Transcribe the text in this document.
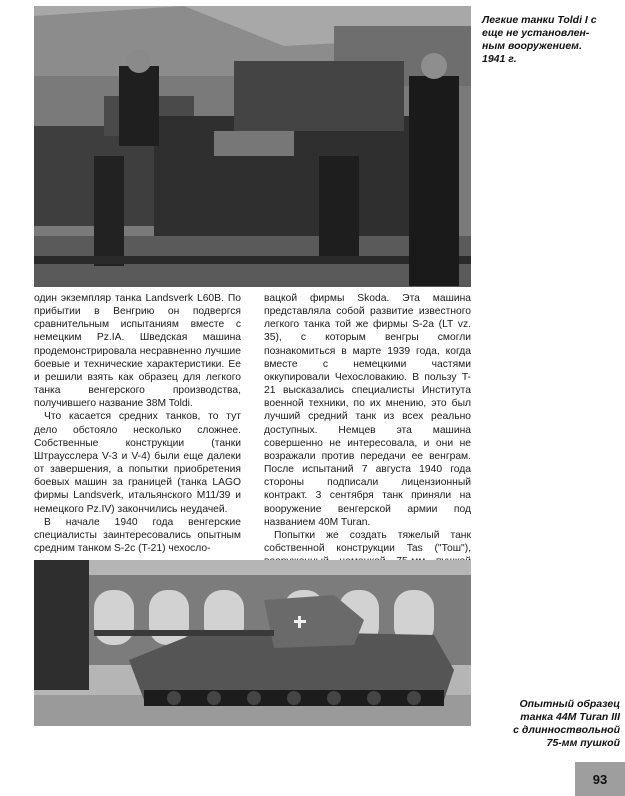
Легкие танки Toldi I с
еще не установлен-
ным вооружением.
1941 г.

один экземпляр танка Landsverk L60B. По прибытии в Венгрию он подвергся сравнительным испытаниям вместе с немецким Pz.IA. Шведская машина продемонстрировала несравненно лучшие боевые и технические характеристики. Ее и решили взять как образец для легкого танка венгерского производства, получившего название 38M Toldi.

Что касается средних танков, то тут дело обстояло несколько сложнее. Собственные конструкции (танки Штраусслера V-3 и V-4) были еще далеки от завершения, а попытки приобретения боевых машин за границей (танка LAGO фирмы Landsverk, итальянского M11/39 и немецкого Pz.IV) закончились неудачей.

В начале 1940 года венгерские специалисты заинтересовались опытным средним танком S-2c (T-21) чехосло-

вацкой фирмы Skoda. Эта машина представляла собой развитие известного легкого танка той же фирмы S-2a (LT vz. 35), с которым венгры смогли познакомиться в марте 1939 года, когда вместе с немецкими частями оккупировали Чехословакию. В пользу T-21 высказались специалисты Института военной техники, по их мнению, это был лучший средний танк из всех реально доступных. Немцев эта машина совершенно не интересовала, и они не возражали против передачи ее венграм. После испытаний 7 августа 1940 года стороны подписали лицензионный контракт. 3 сентября танк приняли на вооружение венгерской армии под названием 40M Turan.

Попытки же создать тяжелый танк собственной конструкции Tas ("Тош"),

Опытный образец
танка 44M Turan III
с длинноствольной
75-мм пушкой
93
